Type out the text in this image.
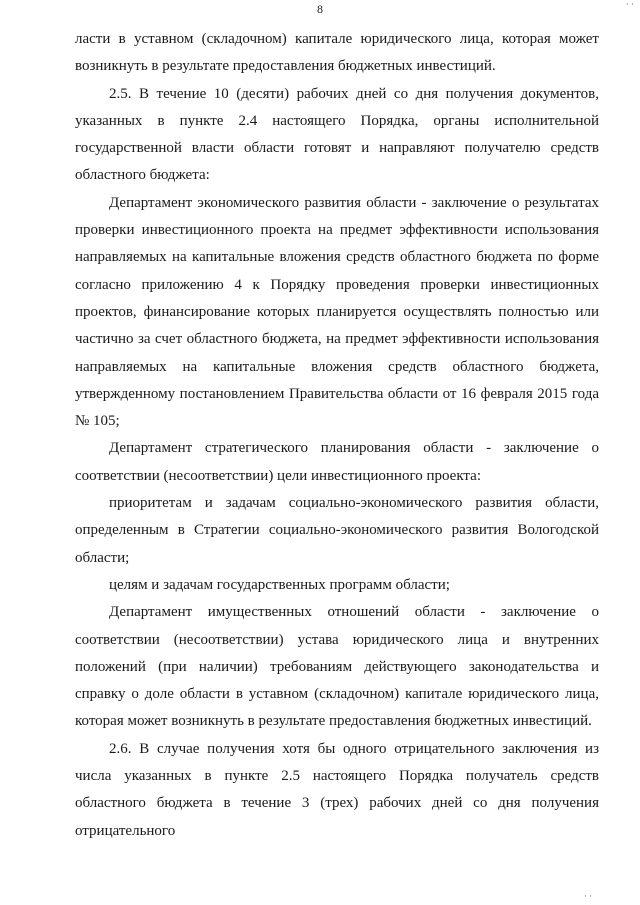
· ·
8

ласти в уставном (складочном) капитале юридического лица, которая может возникнуть в результате предоставления бюджетных инвестиций.

2.5. В течение 10 (десяти) рабочих дней со дня получения документов, указанных в пункте 2.4 настоящего Порядка, органы исполнительной государственной власти области готовят и направляют получателю средств областного бюджета:

Департамент экономического развития области - заключение о результатах проверки инвестиционного проекта на предмет эффективности использования направляемых на капитальные вложения средств областного бюджета по форме согласно приложению 4 к Порядку проведения проверки инвестиционных проектов, финансирование которых планируется осуществлять полностью или частично за счет областного бюджета, на предмет эффективности использования направляемых на капитальные вложения средств областного бюджета, утвержденному постановлением Правительства области от 16 февраля 2015 года № 105;

Департамент стратегического планирования области - заключение о соответствии (несоответствии) цели инвестиционного проекта:

приоритетам и задачам социально-экономического развития области, определенным в Стратегии социально-экономического развития Вологодской области;

целям и задачам государственных программ области;

Департамент имущественных отношений области - заключение о соответствии (несоответствии) устава юридического лица и внутренних положений (при наличии) требованиям действующего законодательства и справку о доле области в уставном (складочном) капитале юридического лица, которая может возникнуть в результате предоставления бюджетных инвестиций.

2.6. В случае получения хотя бы одного отрицательного заключения из числа указанных в пункте 2.5 настоящего Порядка получатель средств областного бюджета в течение 3 (трех) рабочих дней со дня получения отрицательного

· ·
